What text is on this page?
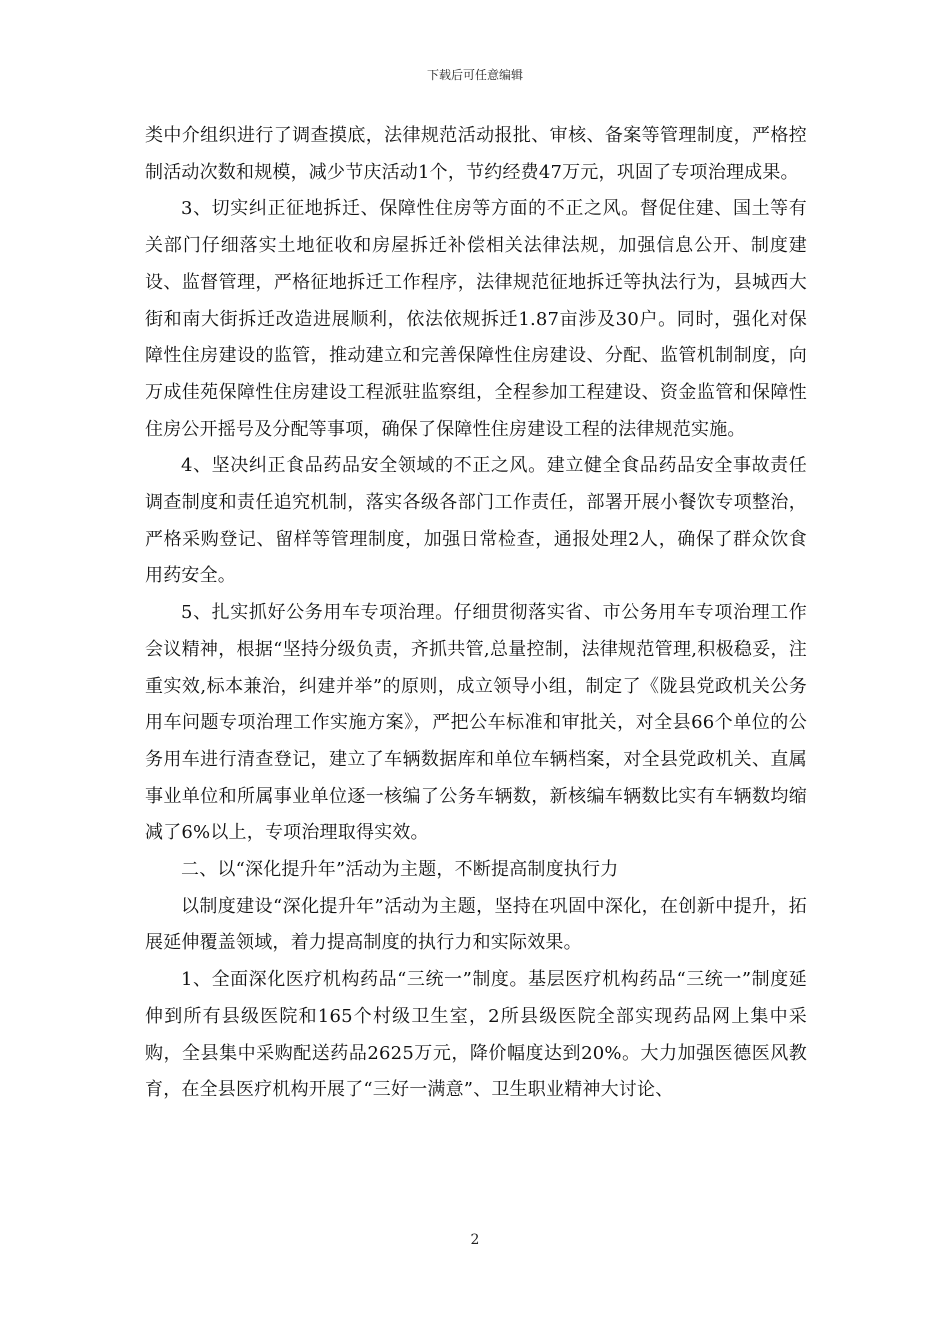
下载后可任意编辑

类中介组织进行了调查摸底，法律规范活动报批、审核、备案等管理制度，严格控制活动次数和规模，减少节庆活动1个，节约经费47万元，巩固了专项治理成果。

3、切实纠正征地拆迁、保障性住房等方面的不正之风。督促住建、国土等有关部门仔细落实土地征收和房屋拆迁补偿相关法律法规，加强信息公开、制度建设、监督管理，严格征地拆迁工作程序，法律规范征地拆迁等执法行为，县城西大街和南大街拆迁改造进展顺利，依法依规拆迁1.87亩涉及30户。同时，强化对保障性住房建设的监管，推动建立和完善保障性住房建设、分配、监管机制制度，向万成佳苑保障性住房建设工程派驻监察组，全程参加工程建设、资金监管和保障性住房公开摇号及分配等事项，确保了保障性住房建设工程的法律规范实施。

4、坚决纠正食品药品安全领域的不正之风。建立健全食品药品安全事故责任调查制度和责任追究机制，落实各级各部门工作责任，部署开展小餐饮专项整治，严格采购登记、留样等管理制度，加强日常检查，通报处理2人，确保了群众饮食用药安全。

5、扎实抓好公务用车专项治理。仔细贯彻落实省、市公务用车专项治理工作会议精神，根据“坚持分级负责，齐抓共管,总量控制，法律规范管理,积极稳妥，注重实效,标本兼治，纠建并举”的原则，成立领导小组，制定了《陇县党政机关公务用车问题专项治理工作实施方案》，严把公车标准和审批关，对全县66个单位的公务用车进行清查登记，建立了车辆数据库和单位车辆档案，对全县党政机关、直属事业单位和所属事业单位逐一核编了公务车辆数，新核编车辆数比实有车辆数均缩减了6%以上，专项治理取得实效。

二、以“深化提升年”活动为主题，不断提高制度执行力

以制度建设“深化提升年”活动为主题，坚持在巩固中深化，在创新中提升，拓展延伸覆盖领域，着力提高制度的执行力和实际效果。

1、全面深化医疗机构药品“三统一”制度。基层医疗机构药品“三统一”制度延伸到所有县级医院和165个村级卫生室，2所县级医院全部实现药品网上集中采购，全县集中采购配送药品2625万元，降价幅度达到20%。大力加强医德医风教育，在全县医疗机构开展了“三好一满意”、卫生职业精神大讨论、

2
